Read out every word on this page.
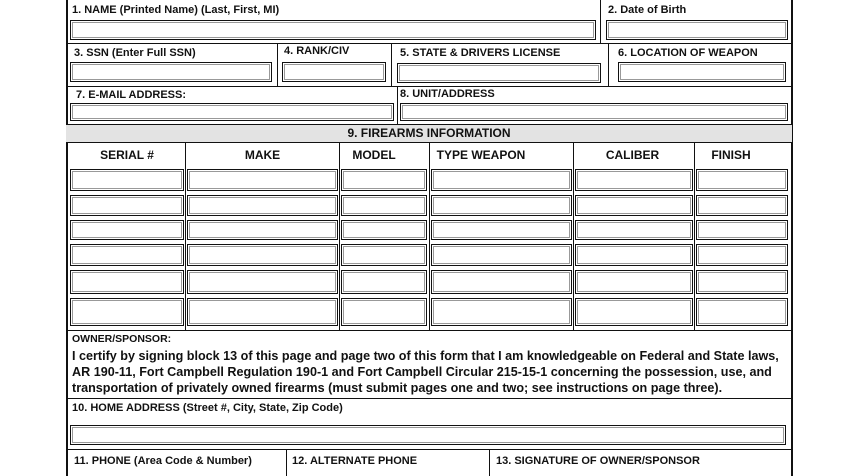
1. NAME (Printed Name) (Last, First, MI)	2. Date of Birth
3. SSN (Enter Full SSN)	4. RANK/CIV	5. STATE & DRIVERS LICENSE	6. LOCATION OF WEAPON
7. E-MAIL ADDRESS:	8. UNIT/ADDRESS
9. FIREARMS INFORMATION
SERIAL #	MAKE	MODEL	TYPE WEAPON	CALIBER	FINISH
OWNER/SPONSOR:
I certify by signing block 13 of this page and page two of this form that I am knowledgeable on Federal and State laws,
AR 190-11, Fort Campbell Regulation 190-1 and Fort Campbell Circular 215-15-1 concerning the possession, use, and
transportation of privately owned firearms (must submit pages one and two; see instructions on page three).
10. HOME ADDRESS (Street #, City, State, Zip Code)
11. PHONE (Area Code & Number)	12. ALTERNATE PHONE	13. SIGNATURE OF OWNER/SPONSOR
